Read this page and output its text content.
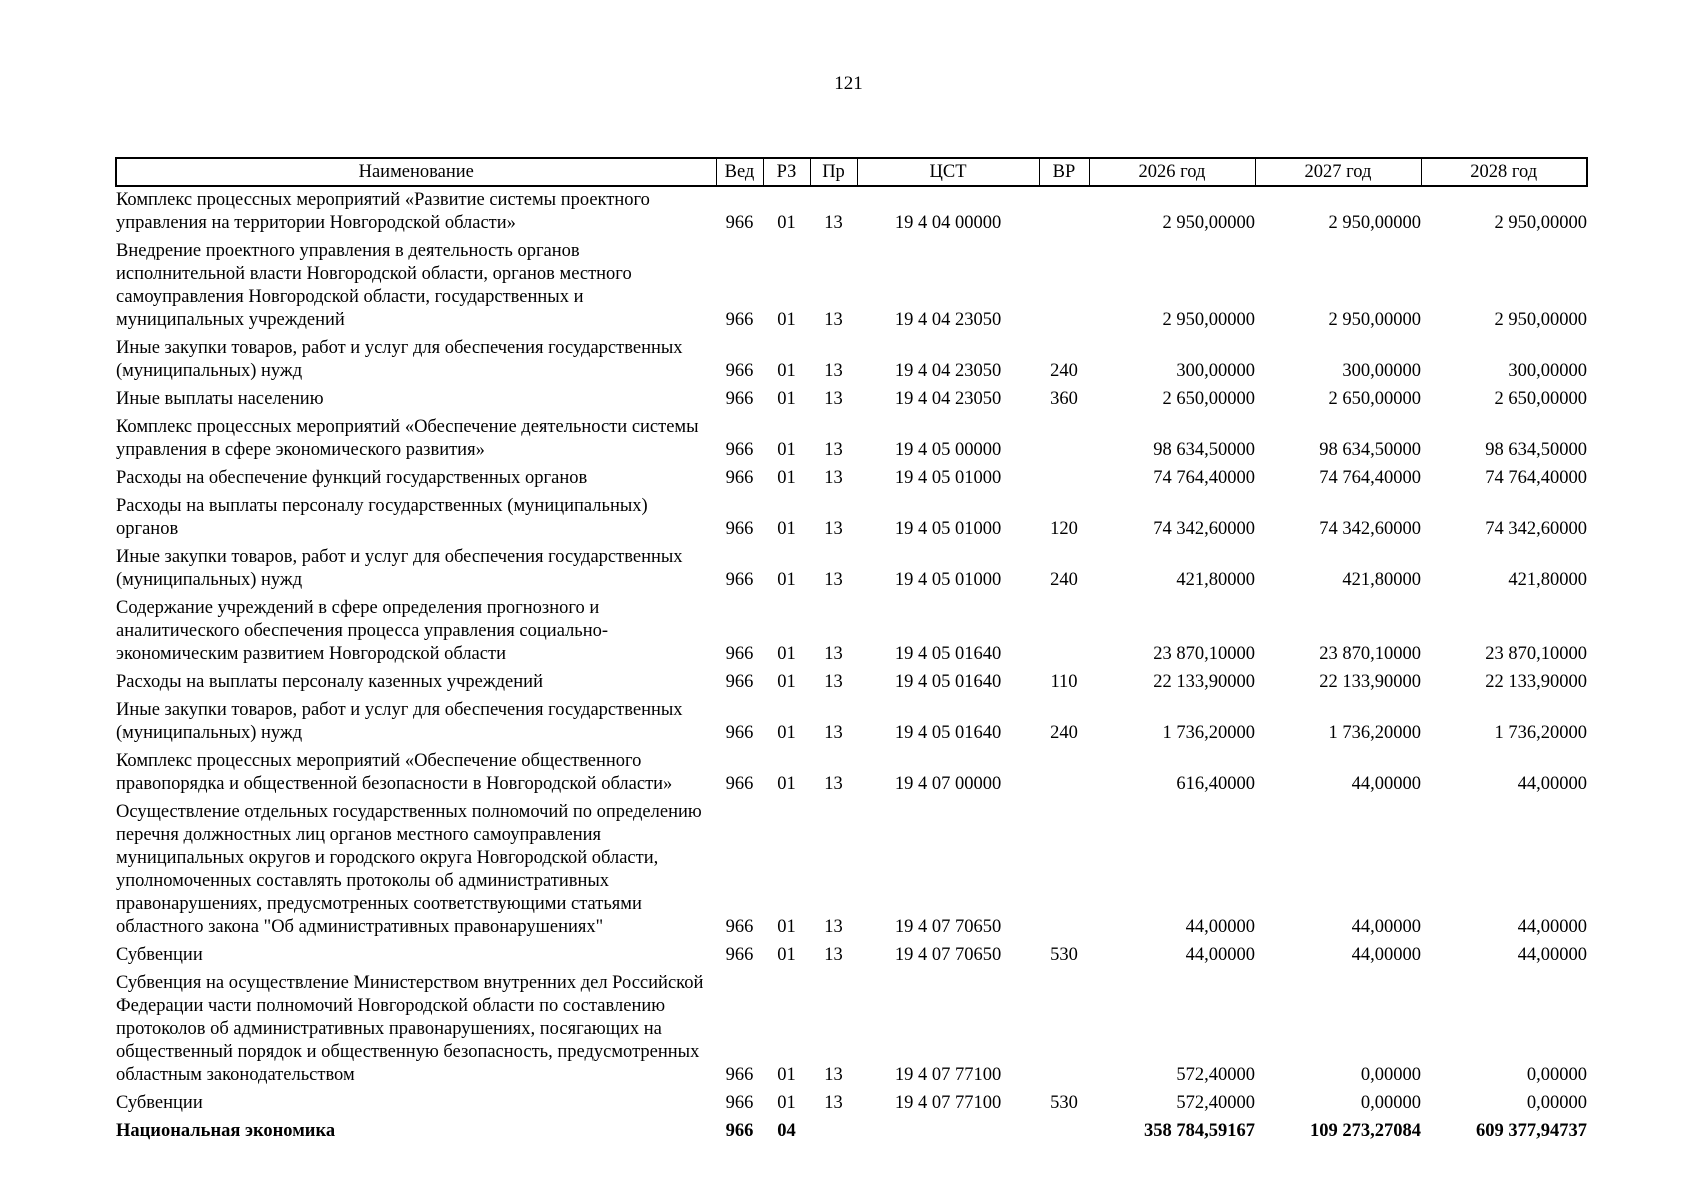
121
Наименование	Вед	РЗ	Пр	ЦСТ	ВР	2026 год	2027 год	2028 год
Комплекс процессных мероприятий «Развитие системы проектного управления на территории Новгородской области»	966	01	13	19 4 04 00000		2 950,00000	2 950,00000	2 950,00000
Внедрение проектного управления в деятельность органов исполнительной власти Новгородской области, органов местного самоуправления Новгородской области, государственных и муниципальных учреждений	966	01	13	19 4 04 23050		2 950,00000	2 950,00000	2 950,00000
Иные закупки товаров, работ и услуг для обеспечения государственных (муниципальных) нужд	966	01	13	19 4 04 23050	240	300,00000	300,00000	300,00000
Иные выплаты населению	966	01	13	19 4 04 23050	360	2 650,00000	2 650,00000	2 650,00000
Комплекс процессных мероприятий «Обеспечение деятельности системы управления в сфере экономического развития»	966	01	13	19 4 05 00000		98 634,50000	98 634,50000	98 634,50000
Расходы на обеспечение функций государственных органов	966	01	13	19 4 05 01000		74 764,40000	74 764,40000	74 764,40000
Расходы на выплаты персоналу государственных (муниципальных) органов	966	01	13	19 4 05 01000	120	74 342,60000	74 342,60000	74 342,60000
Иные закупки товаров, работ и услуг для обеспечения государственных (муниципальных) нужд	966	01	13	19 4 05 01000	240	421,80000	421,80000	421,80000
Содержание учреждений в сфере определения прогнозного и аналитического обеспечения процесса управления социально-экономическим развитием Новгородской области	966	01	13	19 4 05 01640		23 870,10000	23 870,10000	23 870,10000
Расходы на выплаты персоналу казенных учреждений	966	01	13	19 4 05 01640	110	22 133,90000	22 133,90000	22 133,90000
Иные закупки товаров, работ и услуг для обеспечения государственных (муниципальных) нужд	966	01	13	19 4 05 01640	240	1 736,20000	1 736,20000	1 736,20000
Комплекс процессных мероприятий «Обеспечение общественного правопорядка и общественной безопасности в Новгородской области»	966	01	13	19 4 07 00000		616,40000	44,00000	44,00000
Осуществление отдельных государственных полномочий по определению перечня должностных лиц органов местного самоуправления муниципальных округов и городского округа Новгородской области, уполномоченных составлять протоколы об административных правонарушениях, предусмотренных соответствующими статьями областного закона "Об административных правонарушениях"	966	01	13	19 4 07 70650		44,00000	44,00000	44,00000
Субвенции	966	01	13	19 4 07 70650	530	44,00000	44,00000	44,00000
Субвенция на осуществление Министерством внутренних дел Российской Федерации части полномочий Новгородской области по составлению протоколов об административных правонарушениях, посягающих на общественный порядок и общественную безопасность, предусмотренных областным законодательством	966	01	13	19 4 07 77100		572,40000	0,00000	0,00000
Субвенции	966	01	13	19 4 07 77100	530	572,40000	0,00000	0,00000
Национальная экономика	966	04				358 784,59167	109 273,27084	609 377,94737
